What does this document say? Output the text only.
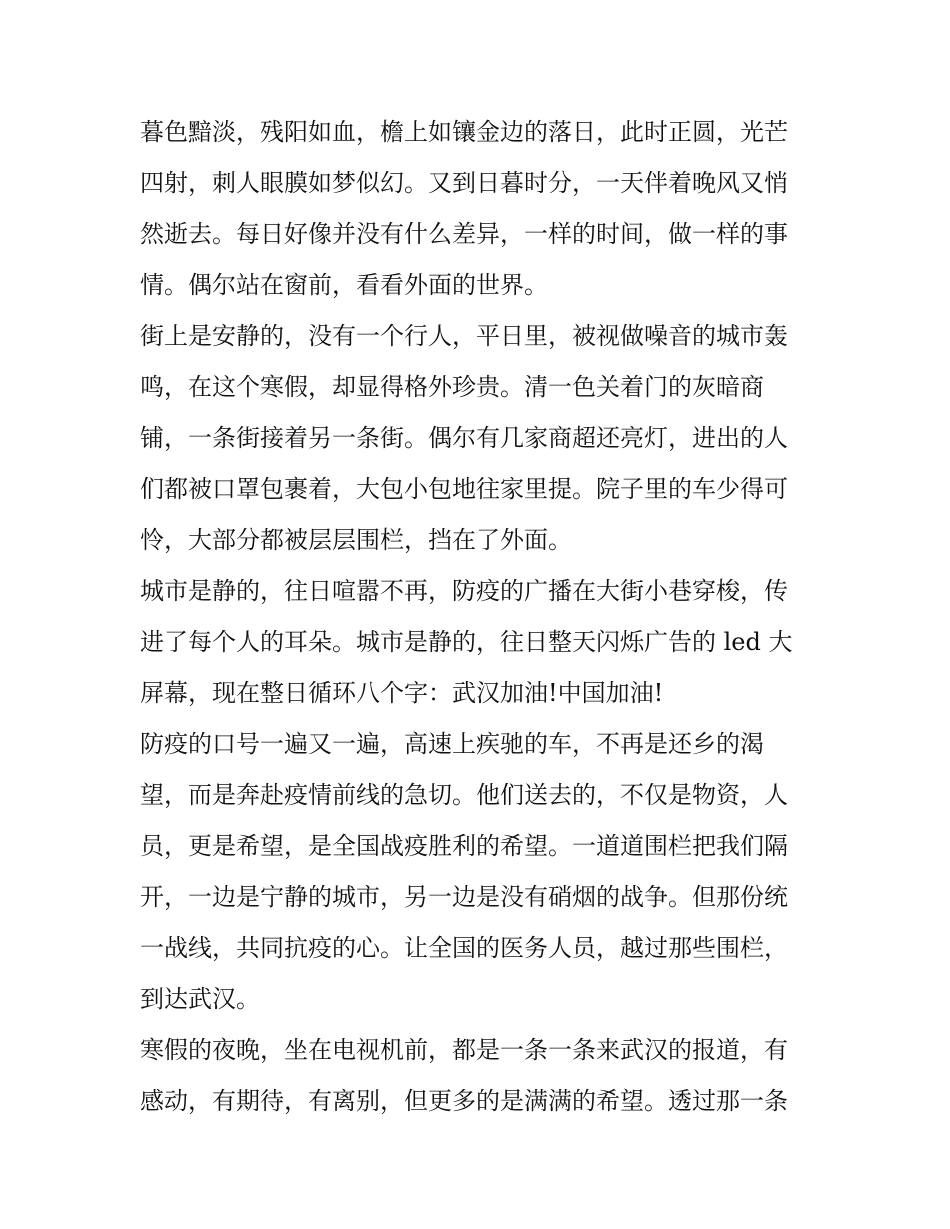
暮色黯淡，残阳如血，檐上如镶金边的落日，此时正圆，光芒
四射，刺人眼膜如梦似幻。又到日暮时分，一天伴着晚风又悄
然逝去。每日好像并没有什么差异，一样的时间，做一样的事
情。偶尔站在窗前，看看外面的世界。
街上是安静的，没有一个行人，平日里，被视做噪音的城市轰
鸣，在这个寒假，却显得格外珍贵。清一色关着门的灰暗商
铺，一条街接着另一条街。偶尔有几家商超还亮灯，进出的人
们都被口罩包裹着，大包小包地往家里提。院子里的车少得可
怜，大部分都被层层围栏，挡在了外面。
城市是静的，往日喧嚣不再，防疫的广播在大街小巷穿梭，传
进了每个人的耳朵。城市是静的，往日整天闪烁广告的 led 大
屏幕，现在整日循环八个字：武汉加油!中国加油!
防疫的口号一遍又一遍，高速上疾驰的车，不再是还乡的渴
望，而是奔赴疫情前线的急切。他们送去的，不仅是物资，人
员，更是希望，是全国战疫胜利的希望。一道道围栏把我们隔
开，一边是宁静的城市，另一边是没有硝烟的战争。但那份统
一战线，共同抗疫的心。让全国的医务人员，越过那些围栏，
到达武汉。
寒假的夜晚，坐在电视机前，都是一条一条来武汉的报道，有
感动，有期待，有离别，但更多的是满满的希望。透过那一条
